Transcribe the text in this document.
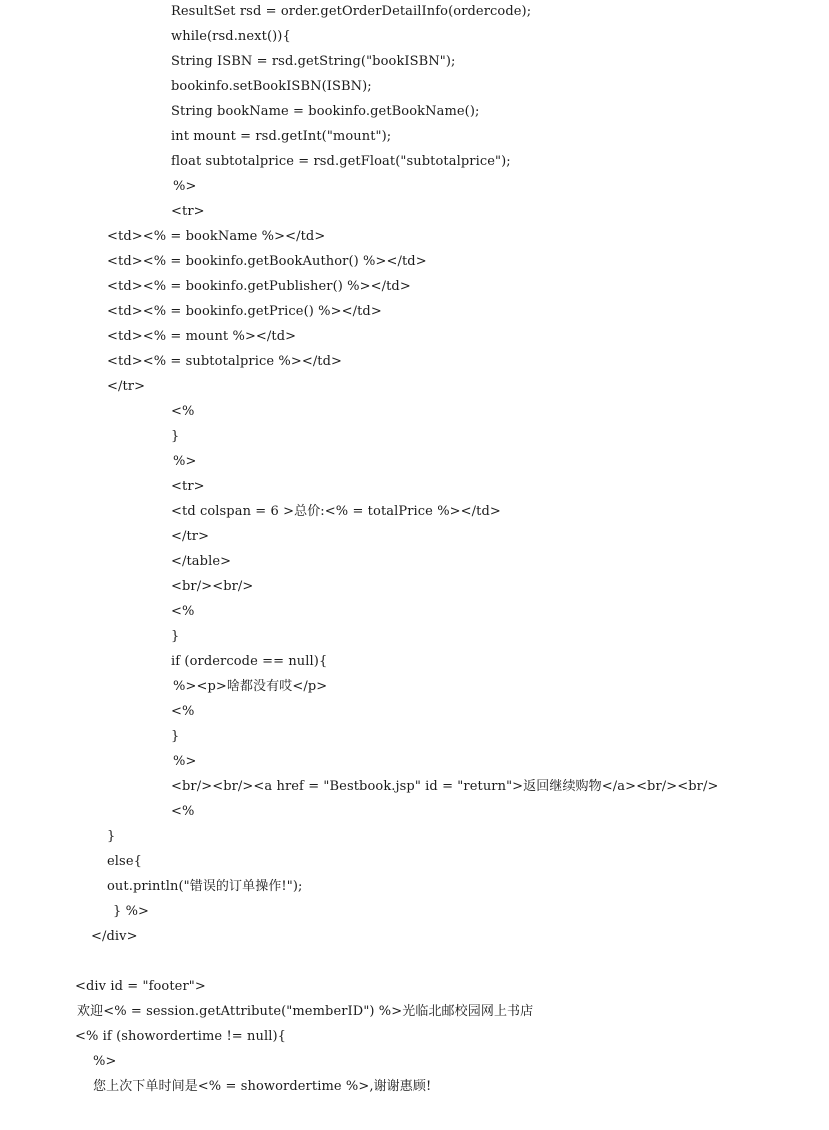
ResultSet rsd = order.getOrderDetailInfo(ordercode);
while(rsd.next()){
String ISBN = rsd.getString("bookISBN");
bookinfo.setBookISBN(ISBN);
String bookName = bookinfo.getBookName();
int mount = rsd.getInt("mount");
float subtotalprice = rsd.getFloat("subtotalprice");
%>
<tr>
<td><% = bookName %></td>
<td><% = bookinfo.getBookAuthor() %></td>
<td><% = bookinfo.getPublisher() %></td>
<td><% = bookinfo.getPrice() %></td>
<td><% = mount %></td>
<td><% = subtotalprice %></td>
</tr>
<%
}
%>
<tr>
<td colspan = 6 >总价:<% = totalPrice %></td>
</tr>
</table>
<br/><br/>
<%
}
if (ordercode == null){
%><p>啥都没有哎</p>
<%
}
%>
<br/><br/><a href = "Bestbook.jsp" id = "return">返回继续购物</a><br/><br/>
<%
}
else{
out.println("错误的订单操作!");
} %>
</div>
<div id = "footer">
欢迎<% = session.getAttribute("memberID") %>光临北邮校园网上书店
<% if (showordertime != null){
%>
您上次下单时间是<% = showordertime %>,谢谢惠顾!
